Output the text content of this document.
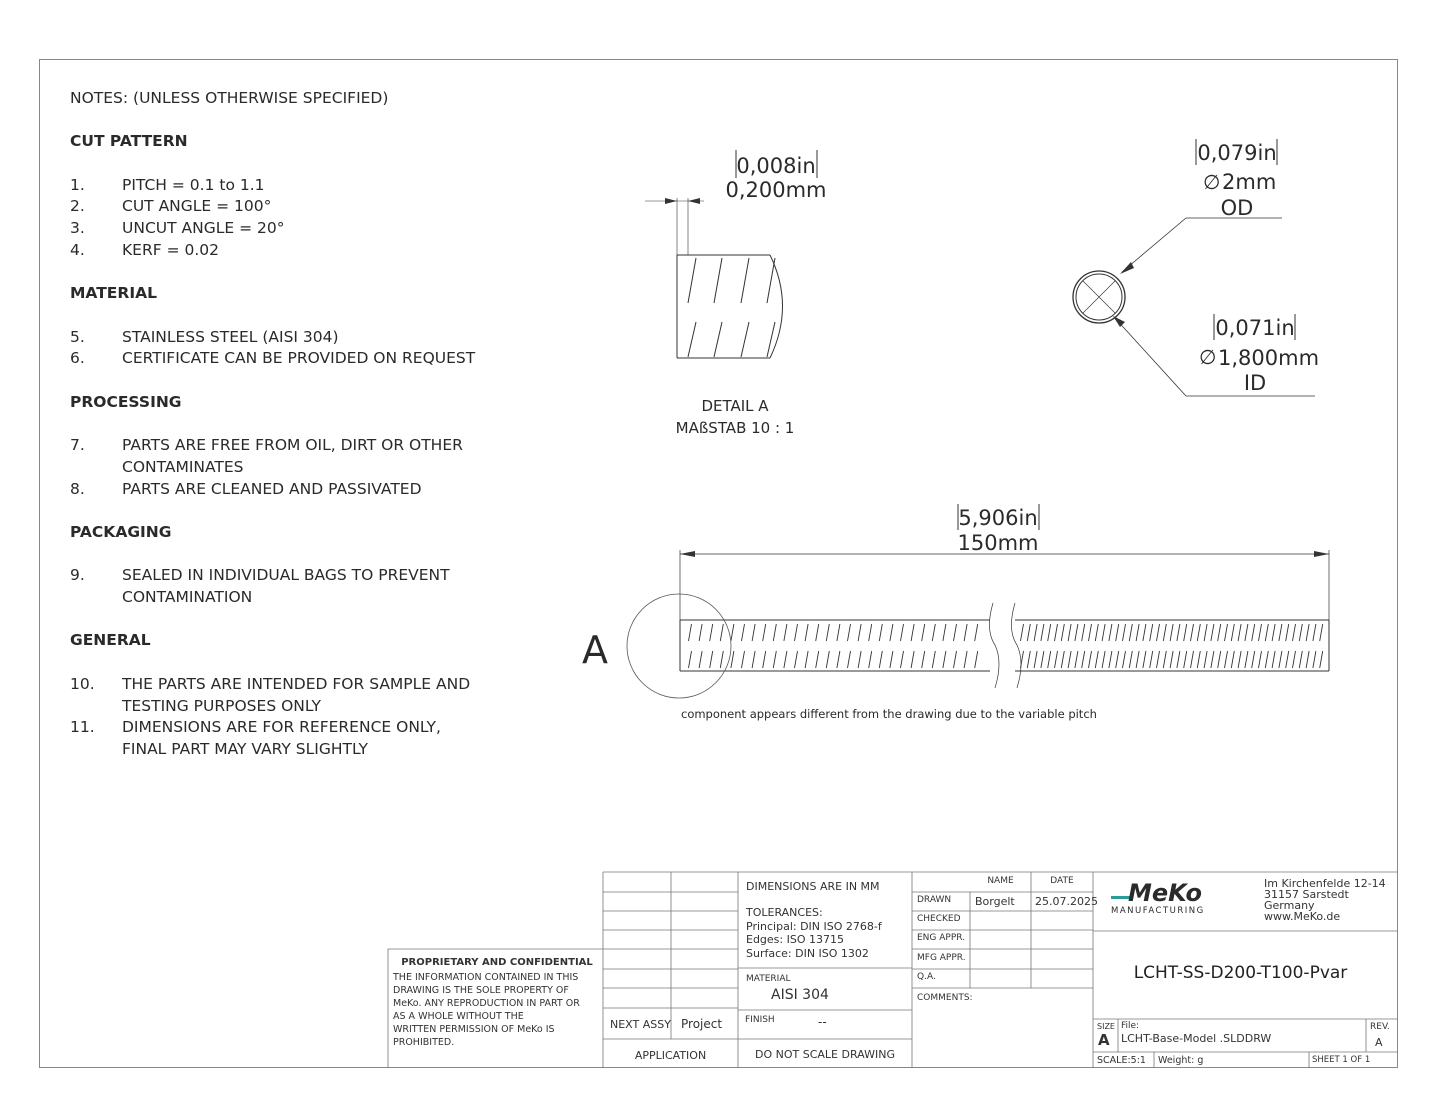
NOTES: (UNLESS OTHERWISE SPECIFIED)
CUT PATTERN
1.	PITCH = 0.1 to 1.1
2.	CUT ANGLE = 100°
3.	UNCUT ANGLE = 20°
4.	KERF = 0.02
MATERIAL
5.	STAINLESS STEEL (AISI 304)
6.	CERTIFICATE CAN BE PROVIDED ON REQUEST
PROCESSING
7.	PARTS ARE FREE FROM OIL, DIRT OR OTHER
CONTAMINATES
8.	PARTS ARE CLEANED AND PASSIVATED
PACKAGING
9.	SEALED IN INDIVIDUAL BAGS TO PREVENT
CONTAMINATION
GENERAL
10.	THE PARTS ARE INTENDED FOR SAMPLE AND
TESTING PURPOSES ONLY
11.	DIMENSIONS ARE FOR REFERENCE ONLY,
FINAL PART MAY VARY SLIGHTLY
0,008in
0,200mm
DETAIL A
MAßSTAB 10 : 1
0,079in
∅ 2mm
OD
0,071in
∅ 1,800mm
ID
5,906in
150mm
A
component appears different from the drawing due to the variable pitch
MeKo
MANUFACTURING
PROPRIETARY AND CONFIDENTIAL
THE INFORMATION CONTAINED IN THIS
DRAWING IS THE SOLE PROPERTY OF
MeKo. ANY REPRODUCTION IN PART OR
AS A WHOLE WITHOUT THE
WRITTEN PERMISSION OF MeKo IS
PROHIBITED.
NEXT ASSY Project
APPLICATION
DIMENSIONS ARE IN MM
TOLERANCES:
Principal: DIN ISO 2768-f
Edges: ISO 13715
Surface: DIN ISO 1302
MATERIAL
AISI 304
FINISH	--
DO NOT SCALE DRAWING
NAME	DATE
DRAWN Borgelt 25.07.2025
CHECKED
ENG APPR.
MFG APPR.
Q.A.
COMMENTS:
Im Kirchenfelde 12-14
31157 Sarstedt
Germany
www.MeKo.de
LCHT-SS-D200-T100-Pvar
SIZE
A
File:
LCHT-Base-Model .SLDDRW
REV.
A
SCALE:5:1 Weight: g	SHEET 1 OF 1
